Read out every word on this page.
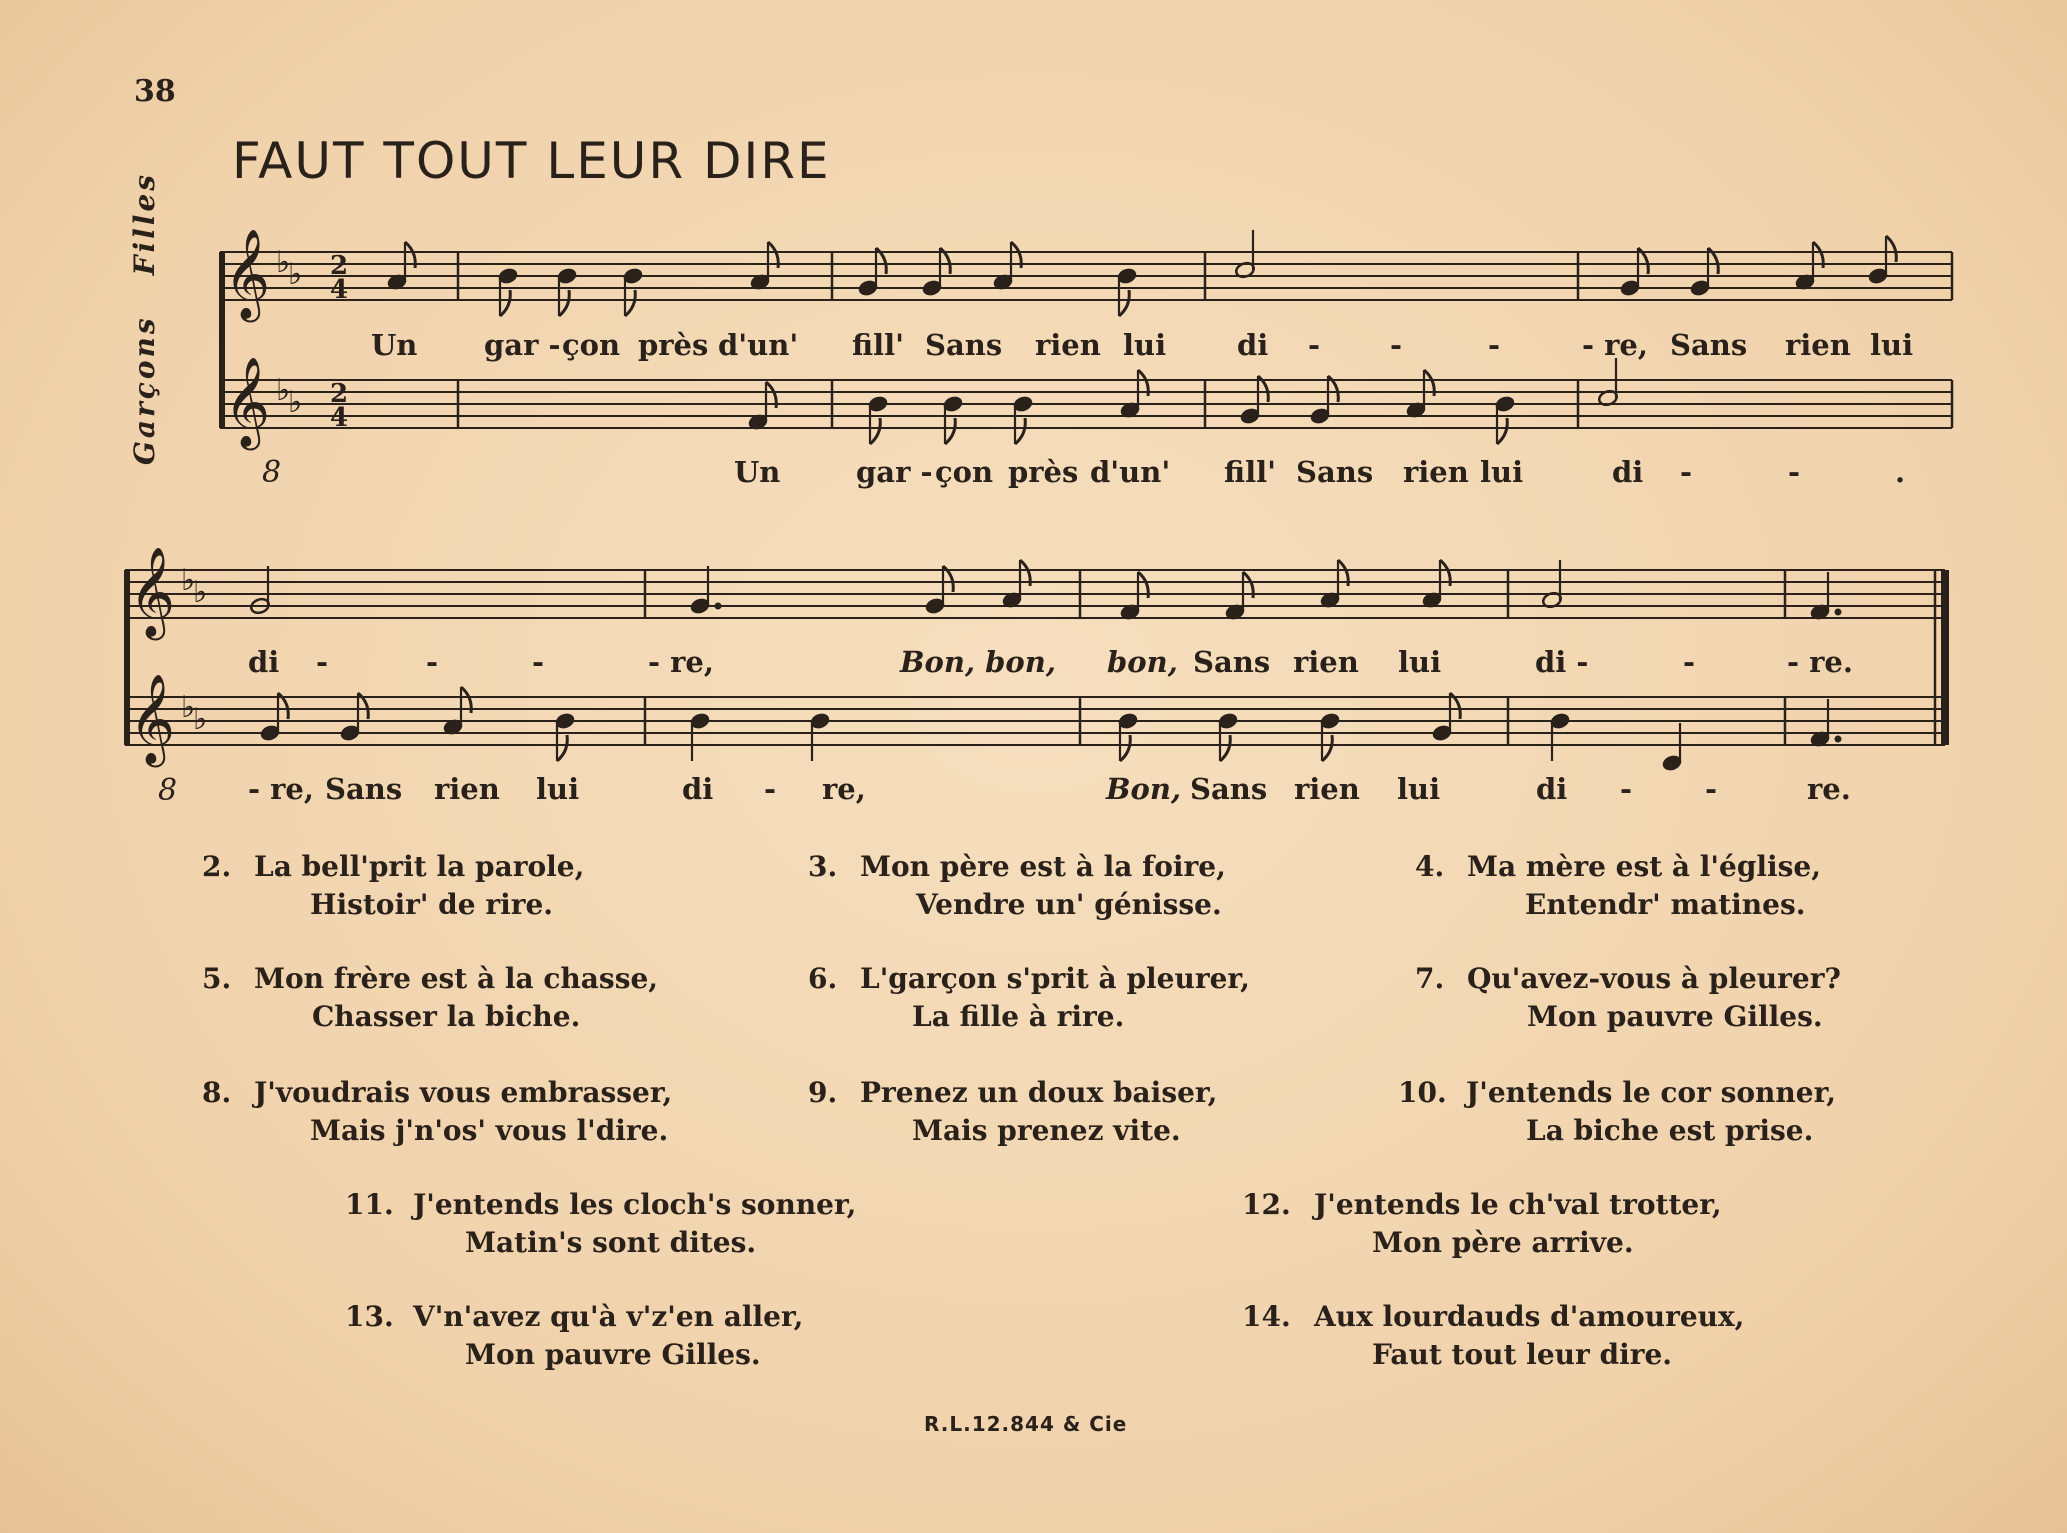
38
FAUT TOUT LEUR DIRE
GarçonsFilles 𝄞 ♭
♭
𝄞 ♭
♭
𝄞 ♭
♭
𝄞 ♭
♭
2
4
2
4
8
8
Un gar - çon près d'un' fill' Sans rien lui di - -	-	- re, Sans rien lui
Un	gar - çon près d'un' fill' Sans rien lui	di -	-	.
di -	-	-	- re,	Bon, bon, bon, Sans rien lui	di -	-	- re.
- re, Sans rien lui	di - re,	Bon, Sans rien lui	di -	-	re.
2. La bell'prit la parole,
Histoir' de rire.
3. Mon père est à la foire,
Vendre un' génisse.
4. Ma mère est à l'église,
Entendr' matines.
5. Mon frère est à la chasse,
Chasser la biche.
6. L'garçon s'prit à pleurer,
La fille à rire.
7. Qu'avez-vous à pleurer?
Mon pauvre Gilles.
8. J'voudrais vous embrasser,
Mais j'n'os' vous l'dire.
9. Prenez un doux baiser,
Mais prenez vite.
10. J'entends le cor sonner,
La biche est prise.
11. J'entends les cloch's sonner,
Matin's sont dites.
12. J'entends le ch'val trotter,
Mon père arrive.
13. V'n'avez qu'à v'z'en aller,
Mon pauvre Gilles.
14. Aux lourdauds d'amoureux,
Faut tout leur dire.
R.L.12.844 & Cie
